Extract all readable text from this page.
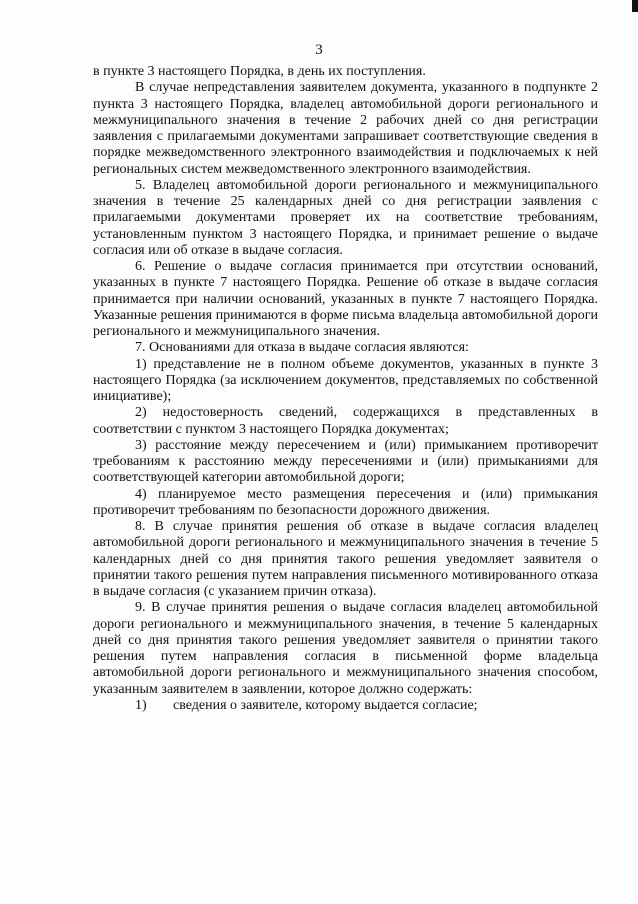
3

в пункте 3 настоящего Порядка, в день их поступления.

В случае непредставления заявителем документа, указанного в подпункте 2 пункта 3 настоящего Порядка, владелец автомобильной дороги регионального и межмуниципального значения в течение 2 рабочих дней со дня регистрации заявления с прилагаемыми документами запрашивает соответствующие сведения в порядке межведомственного электронного взаимодействия и подключаемых к ней региональных систем межведомственного электронного взаимодействия.

5. Владелец автомобильной дороги регионального и межмуниципального значения в течение 25 календарных дней со дня регистрации заявления с прилагаемыми документами проверяет их на соответствие требованиям, установленным пунктом 3 настоящего Порядка, и принимает решение о выдаче согласия или об отказе в выдаче согласия.

6. Решение о выдаче согласия принимается при отсутствии оснований, указанных в пункте 7 настоящего Порядка. Решение об отказе в выдаче согласия принимается при наличии оснований, указанных в пункте 7 настоящего Порядка. Указанные решения принимаются в форме письма владельца автомобильной дороги регионального и межмуниципального значения.

7. Основаниями для отказа в выдаче согласия являются:

1) представление не в полном объеме документов, указанных в пункте 3 настоящего Порядка (за исключением документов, представляемых по собственной инициативе);

2) недостоверность сведений, содержащихся в представленных в соответствии с пунктом 3 настоящего Порядка документах;

3) расстояние между пересечением и (или) примыканием противоречит требованиям к расстоянию между пересечениями и (или) примыканиями для соответствующей категории автомобильной дороги;

4) планируемое место размещения пересечения и (или) примыкания противоречит требованиям по безопасности дорожного движения.

8. В случае принятия решения об отказе в выдаче согласия владелец автомобильной дороги регионального и межмуниципального значения в течение 5 календарных дней со дня принятия такого решения уведомляет заявителя о принятии такого решения путем направления письменного мотивированного отказа в выдаче согласия (с указанием причин отказа).

9. В случае принятия решения о выдаче согласия владелец автомобильной дороги регионального и межмуниципального значения, в течение 5 календарных дней со дня принятия такого решения уведомляет заявителя о принятии такого решения путем направления согласия в письменной форме владельца автомобильной дороги регионального и межмуниципального значения способом, указанным заявителем в заявлении, которое должно содержать:

1)	сведения о заявителе, которому выдается согласие;
